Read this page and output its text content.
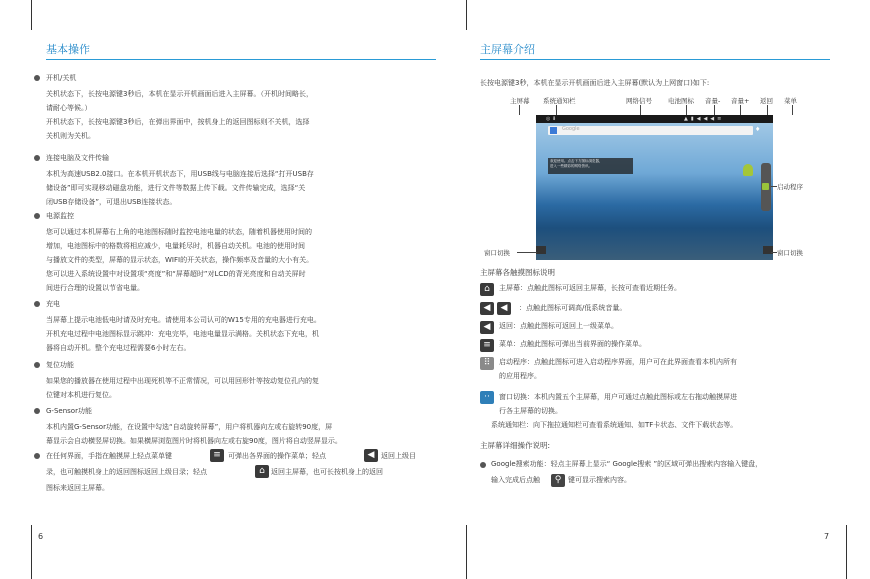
基本操作
开机/关机
关机状态下，长按电源键3秒后，本机在显示开机画面后进入主屏幕。（开机时间略长，
请耐心等候。）
开机状态下，长按电源键3秒后，在弹出界面中，按机身上的返回图标则不关机，选择
关机则为关机。
连接电脑及文件传输
本机为高速USB2.0接口。在本机开机状态下，用USB线与电脑连接后选择“打开USB存
储设备”即可实现移动磁盘功能，进行文件等数据上传下载。文件传输完成，选择“关
闭USB存储设备”，可退出USB连接状态。
电源监控
您可以通过本机屏幕右上角的电池图标随时监控电池电量的状态，随着机器使用时间的
增加，电池图标中的格数将相应减少，电量耗尽时，机器自动关机。电池的使用时间
与播放文件的类型，屏幕的显示状态，WIFI的开关状态，操作频率及音量的大小有关。
您可以进入系统设置中对设置项“亮度”和“屏幕超时”对LCD的背光亮度和自动关屏时
间进行合理的设置以节省电量。
充电
当屏幕上提示电池低电时请及时充电。请使用本公司认可的W15专用的充电器进行充电。
开机充电过程中电池图标显示跳冲：充电完毕，电池电量显示满格。关机状态下充电，机
器将自动开机。整个充电过程需要6小时左右。
复位功能
如果您的播放器在使用过程中出现死机等不正常情况，可以用回形针等按动复位孔内的复
位键对本机进行复位。
G-Sensor功能
本机内置G-Sensor功能，在设置中勾选“自动旋转屏幕”，用户将机器向左或右旋转90度，屏
幕显示会自动横竖屏切换。如果横屏浏览图片时将机器向左或右旋90度，图片将自动竖屏显示。
在任何界面，手指在触摸屏上轻点菜单键	可弹出各界面的操作菜单；轻点	返回上级目
录，也可触摸机身上的返回图标返回上级目录；轻点	返回主屏幕，也可长按机身上的返回
图标来返回主屏幕。
≡	◀
⌂
6
主屏幕介绍
长按电源键3秒，本机在显示开机画面后进入主屏幕(默认为上网窗口)如下:
主屏幕 系统通知栏	网络信号 电池图标 音量- 音量+ 返回 菜单
◎ ⬇	▲▮◀◀◀≡
Google	♦
欢迎使用。点击下方图标浏览器，
进入一些精彩的网络资讯。
启动程序
窗口切换	窗口切换
主屏幕各触摸图标说明
⌂	主屏幕：点触此图标可返回主屏幕，长按可查看近期任务。
◀	◀	：点触此图标可调高/低系统音量。
◀	返回：点触此图标可返回上一级菜单。
≡	菜单：点触此图标可弹出当前界面的操作菜单。
⠿	启动程序：点触此图标可进入启动程序界面，用户可在此界面查看本机内所有
的应用程序。
··	窗口切换：本机内置五个主屏幕，用户可通过点触此图标或左右拖动触摸屏进
行各主屏幕的切换。
系统通知栏：向下拖拉通知栏可查看系统通知、如TF卡状态、文件下载状态等。
主屏幕详细操作说明:
Google搜索功能：轻点主屏幕上显示“ Google搜索 ”的区域可弹出搜索内容输入键盘，
输入完成后点触	⚲ 键可显示搜索内容。
7
